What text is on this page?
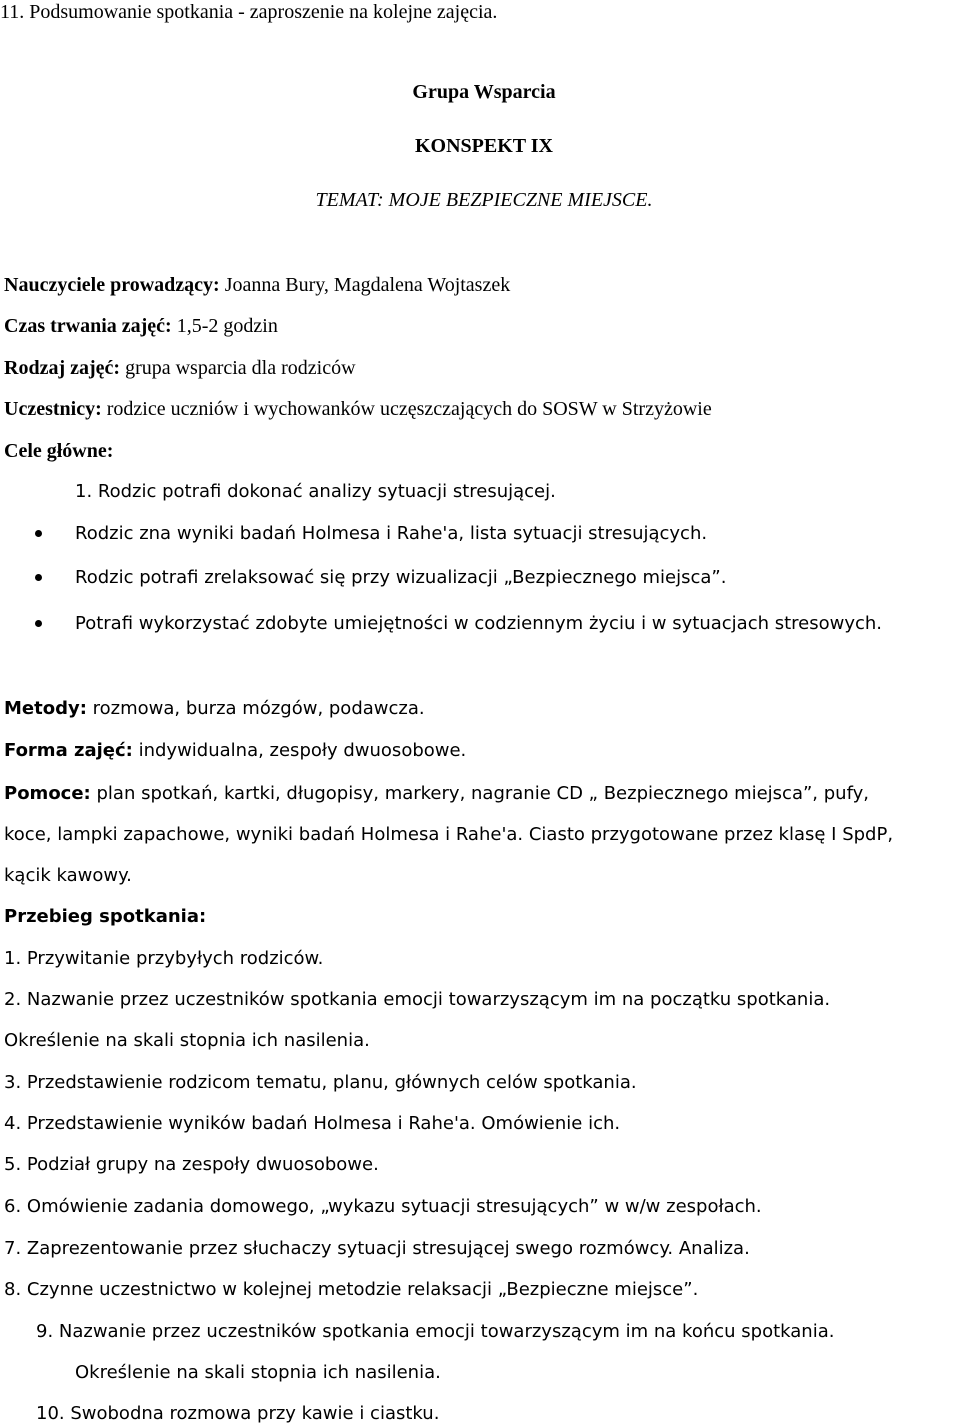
11. Podsumowanie spotkania - zaproszenie na kolejne zajęcia.
Grupa Wsparcia
KONSPEKT IX
TEMAT: MOJE BEZPIECZNE MIEJSCE.
Nauczyciele prowadzący: Joanna Bury, Magdalena Wojtaszek
Czas trwania zajęć: 1,5-2 godzin
Rodzaj zajęć: grupa wsparcia dla rodziców
Uczestnicy: rodzice uczniów i wychowanków uczęszczających do SOSW w Strzyżowie
Cele główne:
1. Rodzic potrafi dokonać analizy sytuacji stresującej.
Rodzic zna wyniki badań Holmesa i Rahe'a, lista sytuacji stresujących.
Rodzic potrafi zrelaksować się przy wizualizacji „Bezpiecznego miejsca”.
Potrafi wykorzystać zdobyte umiejętności w codziennym życiu i w sytuacjach stresowych.
Metody: rozmowa, burza mózgów, podawcza.
Forma zajęć: indywidualna, zespoły dwuosobowe.
Pomoce: plan spotkań, kartki, długopisy, markery, nagranie CD „ Bezpiecznego miejsca”, pufy,
koce, lampki zapachowe, wyniki badań Holmesa i Rahe'a. Ciasto przygotowane przez klasę I SpdP,
kącik kawowy.
Przebieg spotkania:
1. Przywitanie przybyłych rodziców.
2. Nazwanie przez uczestników spotkania emocji towarzyszącym im na początku spotkania.
Określenie na skali stopnia ich nasilenia.
3. Przedstawienie rodzicom tematu, planu, głównych celów spotkania.
4. Przedstawienie wyników badań Holmesa i Rahe'a. Omówienie ich.
5. Podział grupy na zespoły dwuosobowe.
6. Omówienie zadania domowego, „wykazu sytuacji stresujących” w w/w zespołach.
7. Zaprezentowanie przez słuchaczy sytuacji stresującej swego rozmówcy. Analiza.
8. Czynne uczestnictwo w kolejnej metodzie relaksacji „Bezpieczne miejsce”.
9. Nazwanie przez uczestników spotkania emocji towarzyszącym im na końcu spotkania.
Określenie na skali stopnia ich nasilenia.
10. Swobodna rozmowa przy kawie i ciastku.
